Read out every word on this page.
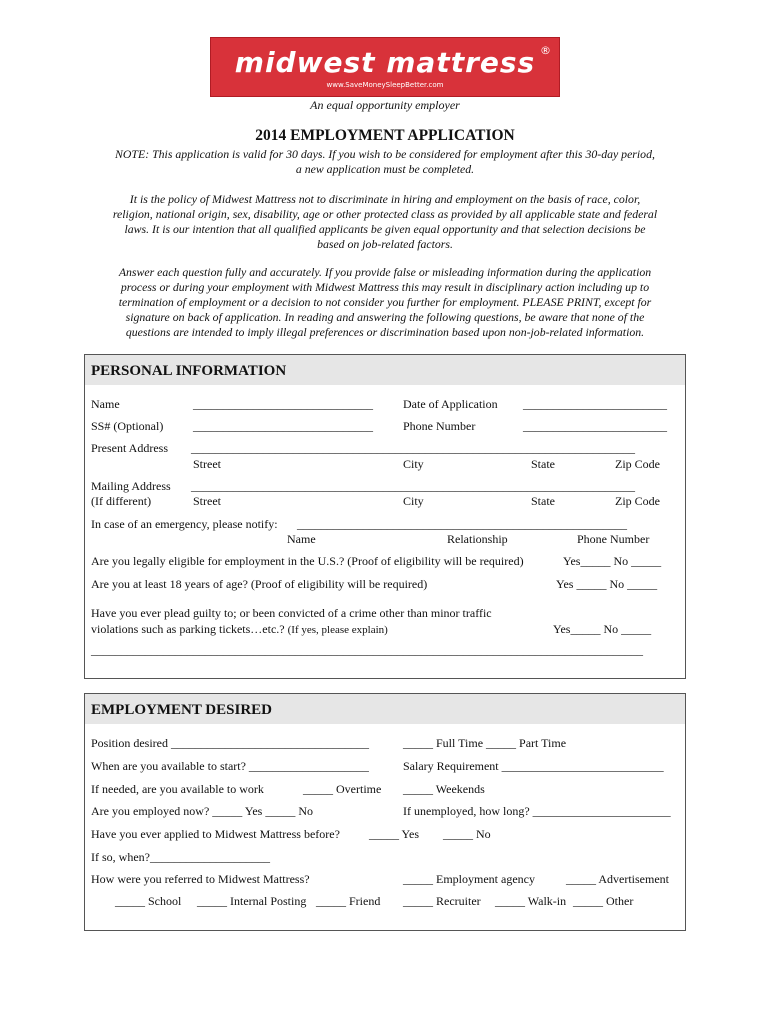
midwest mattress ®
www.SaveMoneySleepBetter.com
An equal opportunity employer
2014 EMPLOYMENT APPLICATION
NOTE: This application is valid for 30 days. If you wish to be considered for employment after this 30-day period,
a new application must be completed.
It is the policy of Midwest Mattress not to discriminate in hiring and employment on the basis of race, color,
religion, national origin, sex, disability, age or other protected class as provided by all applicable state and federal
laws. It is our intention that all qualified applicants be given equal opportunity and that selection decisions be
based on job-related factors.
Answer each question fully and accurately. If you provide false or misleading information during the application
process or during your employment with Midwest Mattress this may result in disciplinary action including up to
termination of employment or a decision to not consider you further for employment. PLEASE PRINT, except for
signature on back of application. In reading and answering the following questions, be aware that none of the
questions are intended to imply illegal preferences or discrimination based upon non-job-related information.
PERSONAL INFORMATION
Name	______________________________	Date of Application ________________________
SS# (Optional) ______________________________	Phone Number	________________________
Present Address __________________________________________________________________________
Street	City	State	Zip Code
Mailing Address __________________________________________________________________________
(If different)	Street	City	State	Zip Code
In case of an emergency, please notify: _______________________________________________________
Name	Relationship	Phone Number
Are you legally eligible for employment in the U.S.? (Proof of eligibility will be required)	Yes_____ No _____
Are you at least 18 years of age? (Proof of eligibility will be required)	Yes _____ No _____
Have you ever plead guilty to; or been convicted of a crime other than minor traffic
violations such as parking tickets…etc.? (If yes, please explain)	Yes_____ No _____
____________________________________________________________________________________________
EMPLOYMENT DESIRED
Position desired _________________________________	_____ Full Time _____ Part Time
When are you available to start? ____________________	Salary Requirement ___________________________
If needed, are you available to work	_____ Overtime _____ Weekends
Are you employed now? _____ Yes _____ No	If unemployed, how long? _______________________
Have you ever applied to Midwest Mattress before? _____ Yes _____ No
If so, when?____________________
How were you referred to Midwest Mattress?	_____ Employment agency	_____ Advertisement
_____ School _____ Internal Posting _____ Friend _____ Recruiter _____ Walk-in _____ Other
